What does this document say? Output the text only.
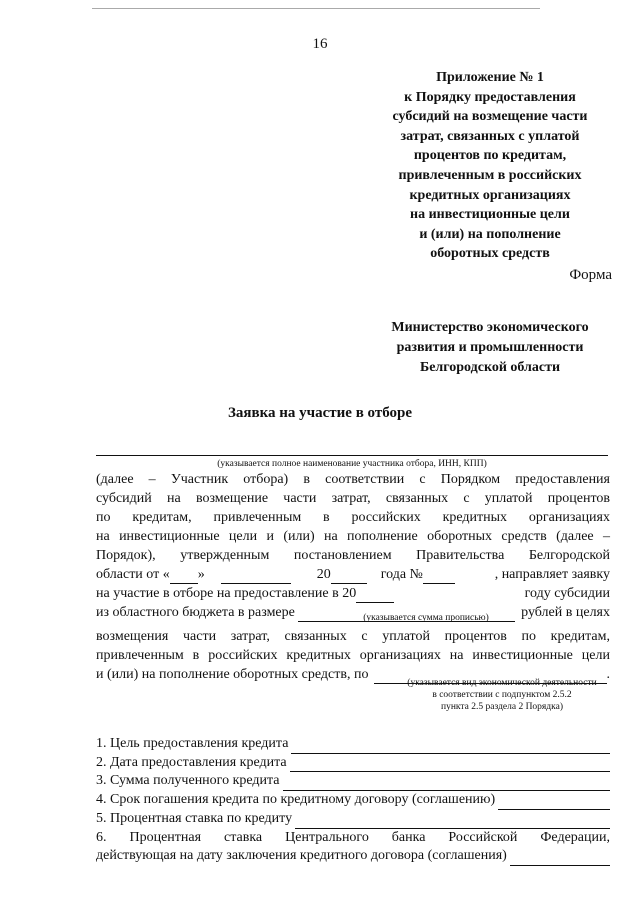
16
Приложение № 1
к Порядку предоставления
субсидий на возмещение части
затрат, связанных с уплатой
процентов по кредитам,
привлеченным в российских
кредитных организациях
на инвестиционные цели
и (или) на пополнение
оборотных средств
Форма
Министерство экономического
развития и промышленности
Белгородской области
Заявка на участие в отборе
(указывается полное наименование участника отбора, ИНН, КПП)
(далее – Участник отбора) в соответствии с Порядком предоставления
субсидий на возмещение части затрат, связанных с уплатой процентов
по кредитам, привлеченным в российских кредитных организациях
на инвестиционные цели и (или) на пополнение оборотных средств (далее –
Порядок), утвержденным постановлением Правительства Белгородской
области от « »	20	года №	, направляет заявку
на участие в отборе на предоставление в 20	году субсидии
из областного бюджета в размере	рублей в целях
(указывается сумма прописью)
возмещения части затрат, связанных с уплатой процентов по кредитам,
привлеченным в российских кредитных организациях на инвестиционные цели
и (или) на пополнение оборотных средств, по	.
(указывается вид экономической деятельности
в соответствии с подпунктом 2.5.2
пункта 2.5 раздела 2 Порядка)
1. Цель предоставления кредита
2. Дата предоставления кредита
3. Сумма полученного кредита
4. Срок погашения кредита по кредитному договору (соглашению)
5. Процентная ставка по кредиту
6. Процентная ставка Центрального банка Российской Федерации,
действующая на дату заключения кредитного договора (соглашения)
